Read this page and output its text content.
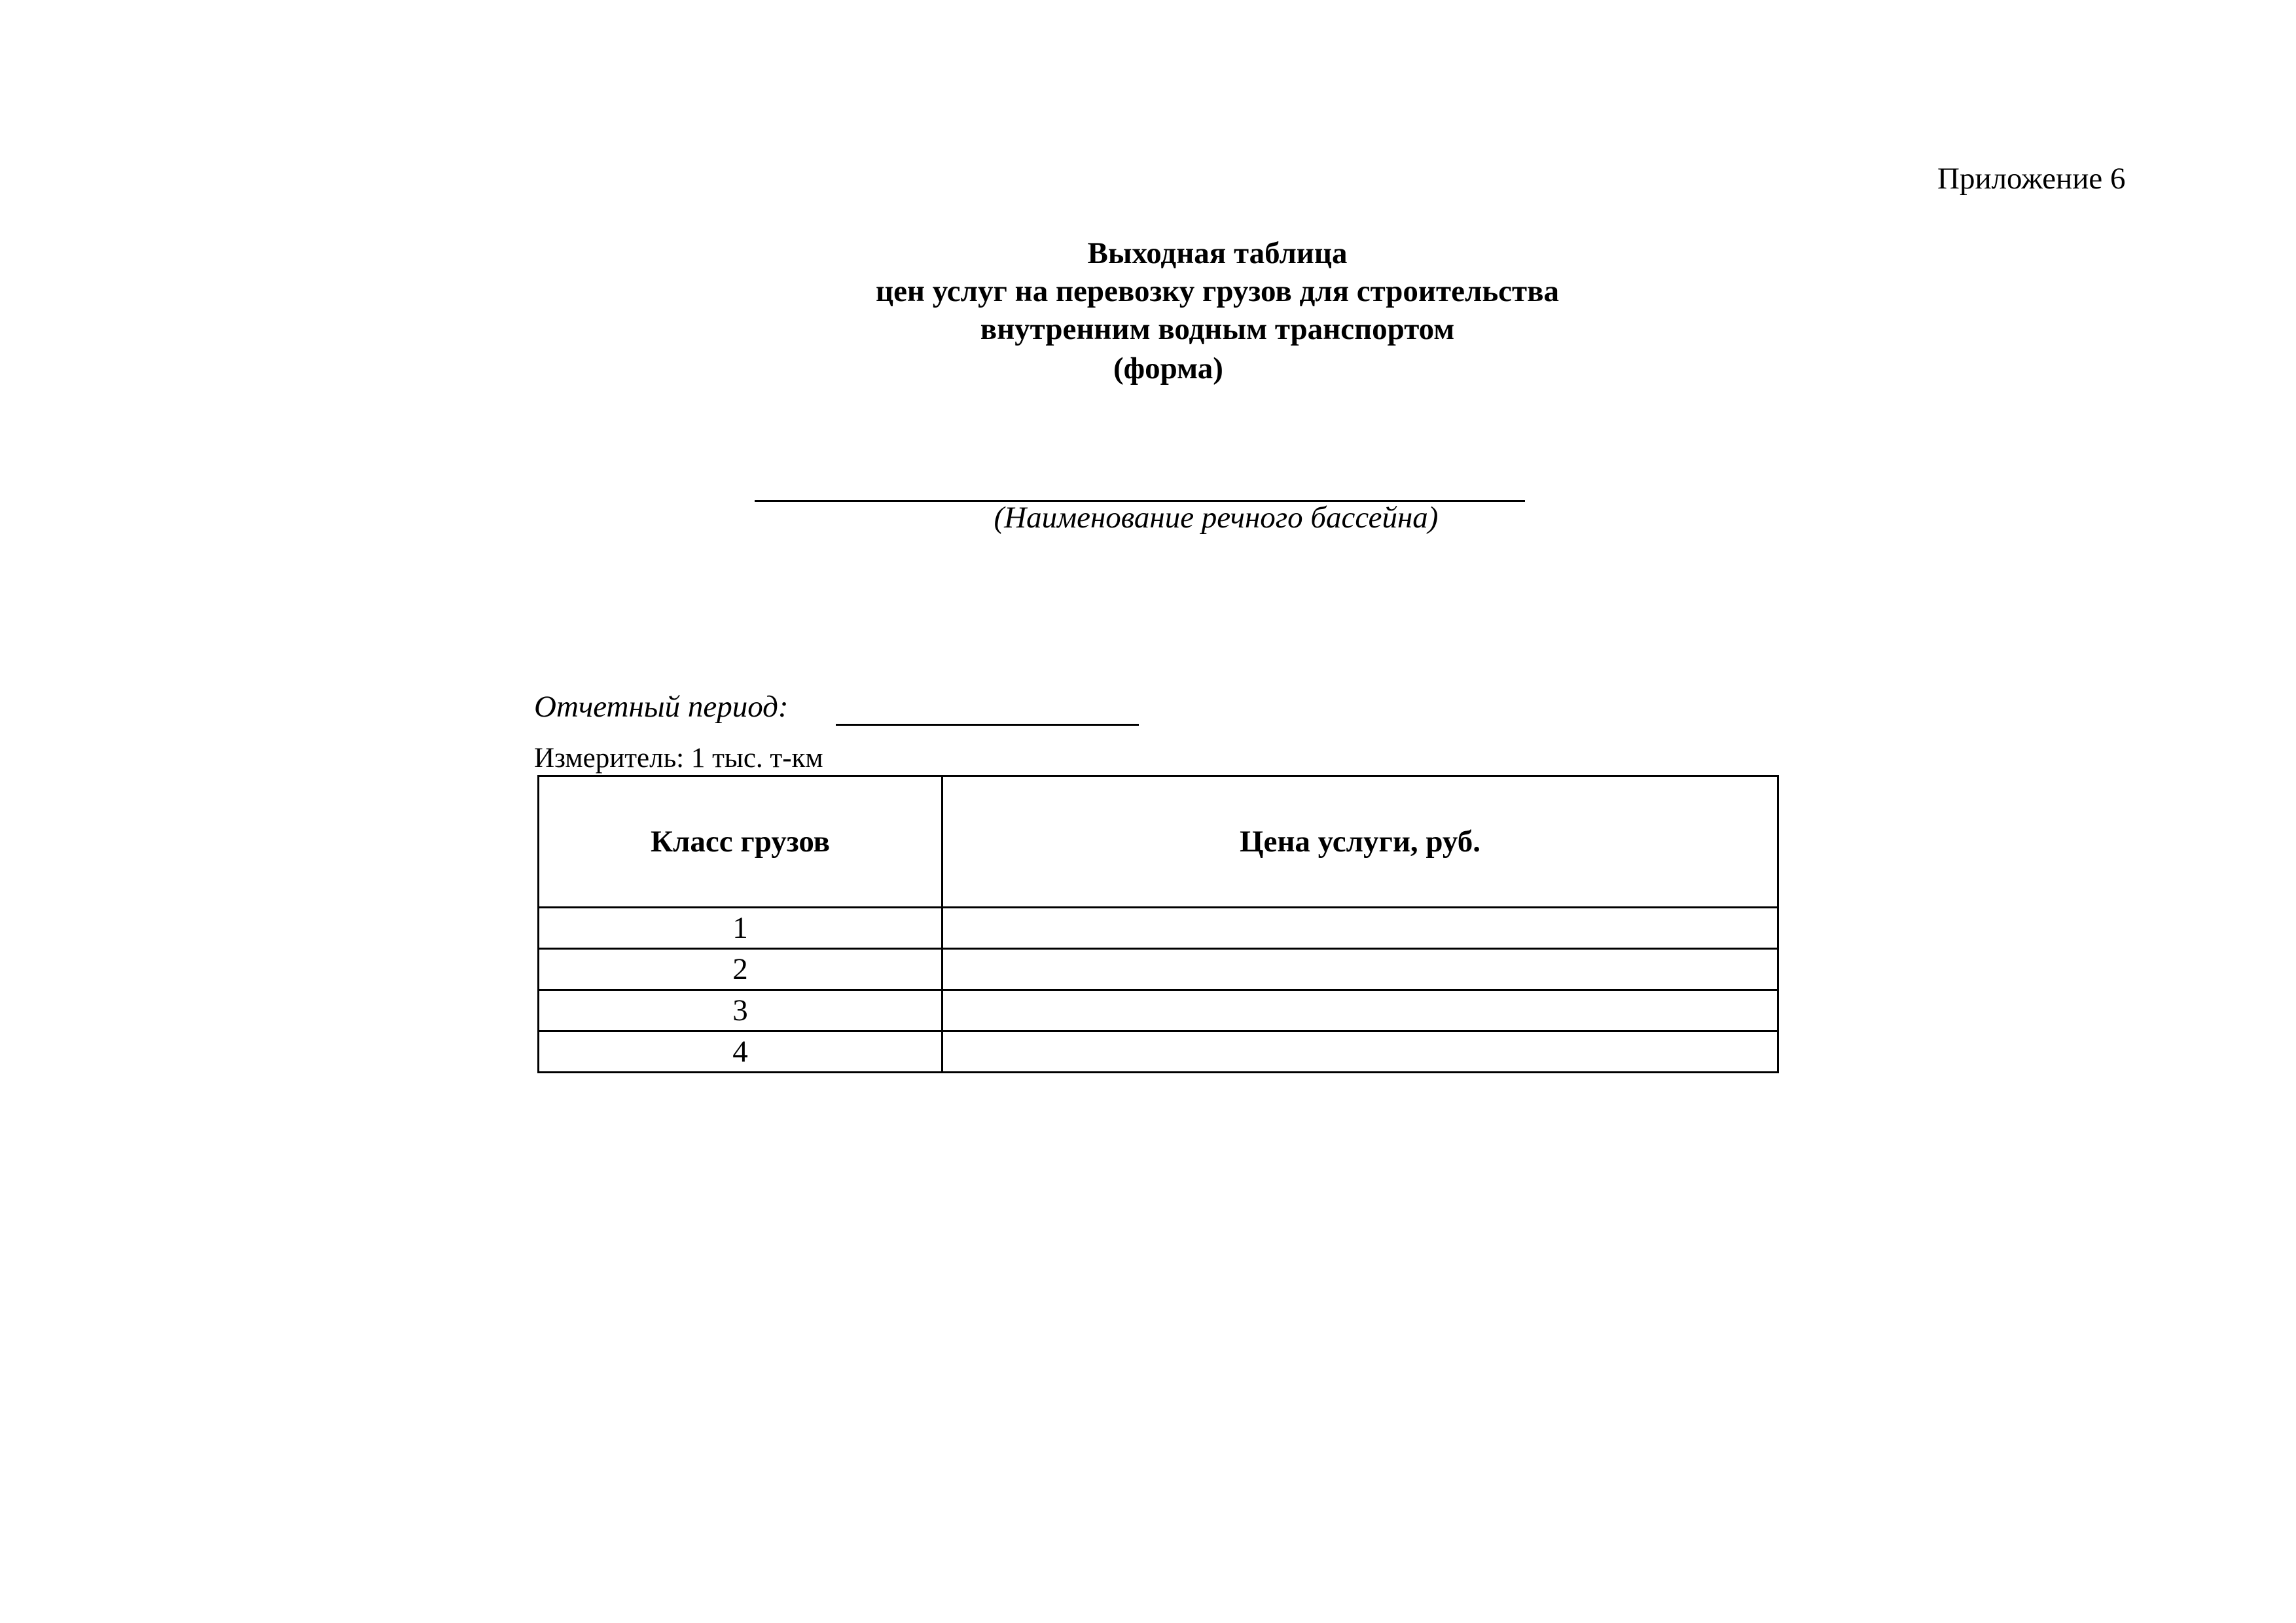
Приложение 6
Выходная таблица
цен услуг на перевозку грузов для строительства
внутренним водным транспортом
(форма)
(Наименование речного бассейна)
Отчетный период:
Измеритель: 1 тыс. т-км
Класс грузов	Цена услуги, руб.
1	
2	
3	
4	
